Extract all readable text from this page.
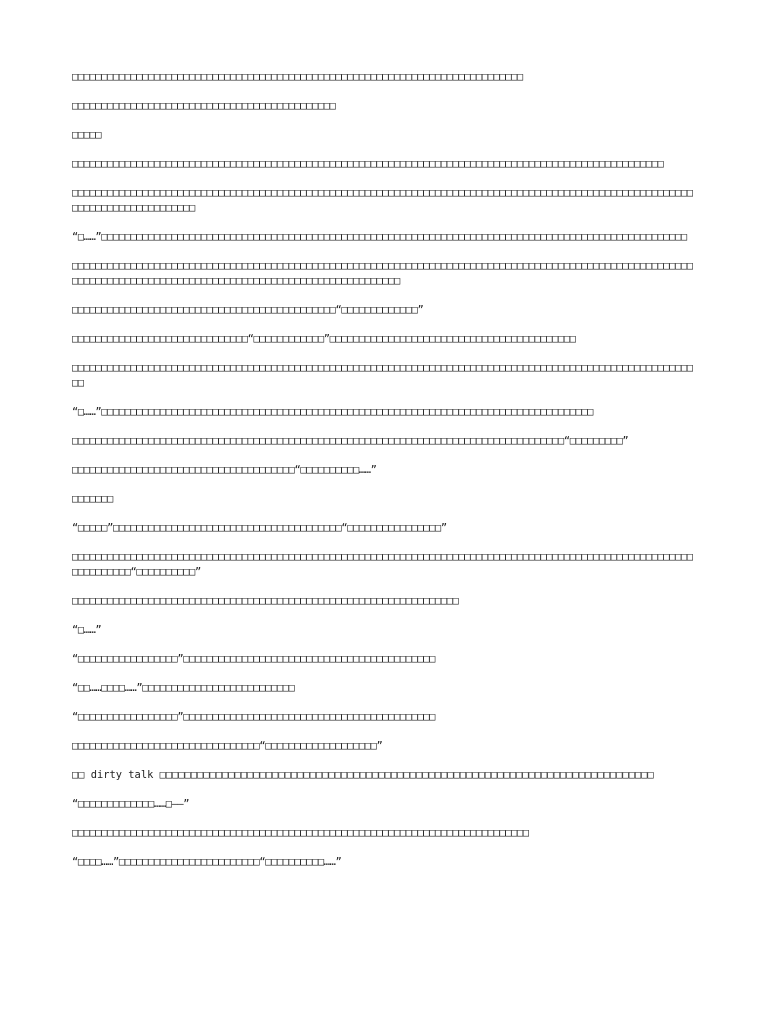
□□□□□□□□□□□□□□□□□□□□□□□□□□□□□□□□□□□□□□□□□□□□□□□□□□□□□□□□□□□□□□□□□□□□□□□□□□□□□

□□□□□□□□□□□□□□□□□□□□□□□□□□□□□□□□□□□□□□□□□□□□□

□□□□□

□□□□□□□□□□□□□□□□□□□□□□□□□□□□□□□□□□□□□□□□□□□□□□□□□□□□□□□□□□□□□□□□□□□□□□□□□□□□□□□□□□□□□□□□□□□□□□□□□□□□□

□□□□□□□□□□□□□□□□□□□□□□□□□□□□□□□□□□□□□□□□□□□□□□□□□□□□□□□□□□□□□□□□□□□□□□□□□□□□□□□□□□□□□□□□□□□□□□□□□□□□□□□□□□□□□□□□□□□□□□□□□□□□□□□

“□……”□□□□□□□□□□□□□□□□□□□□□□□□□□□□□□□□□□□□□□□□□□□□□□□□□□□□□□□□□□□□□□□□□□□□□□□□□□□□□□□□□□□□□□□□□□□□□□□□□□□□

□□□□□□□□□□□□□□□□□□□□□□□□□□□□□□□□□□□□□□□□□□□□□□□□□□□□□□□□□□□□□□□□□□□□□□□□□□□□□□□□□□□□□□□□□□□□□□□□□□□□□□□□□□□□□□□□□□□□□□□□□□□□□□□□□□□□□□□□□□□□□□□□□□□□□□□□□□□□□□□□□□

□□□□□□□□□□□□□□□□□□□□□□□□□□□□□□□□□□□□□□□□□□□□□“□□□□□□□□□□□□□”

□□□□□□□□□□□□□□□□□□□□□□□□□□□□□□“□□□□□□□□□□□□”□□□□□□□□□□□□□□□□□□□□□□□□□□□□□□□□□□□□□□□□□□

□□□□□□□□□□□□□□□□□□□□□□□□□□□□□□□□□□□□□□□□□□□□□□□□□□□□□□□□□□□□□□□□□□□□□□□□□□□□□□□□□□□□□□□□□□□□□□□□□□□□□□□□□□□□

“□……”□□□□□□□□□□□□□□□□□□□□□□□□□□□□□□□□□□□□□□□□□□□□□□□□□□□□□□□□□□□□□□□□□□□□□□□□□□□□□□□□□□□□

□□□□□□□□□□□□□□□□□□□□□□□□□□□□□□□□□□□□□□□□□□□□□□□□□□□□□□□□□□□□□□□□□□□□□□□□□□□□□□□□□□□□“□□□□□□□□□”

□□□□□□□□□□□□□□□□□□□□□□□□□□□□□□□□□□□□□□“□□□□□□□□□□……”

□□□□□□□

“□□□□□”□□□□□□□□□□□□□□□□□□□□□□□□□□□□□□□□□□□□□□□“□□□□□□□□□□□□□□□□”

□□□□□□□□□□□□□□□□□□□□□□□□□□□□□□□□□□□□□□□□□□□□□□□□□□□□□□□□□□□□□□□□□□□□□□□□□□□□□□□□□□□□□□□□□□□□□□□□□□□□□□□□□□□□□□□□□□□□“□□□□□□□□□□”

□□□□□□□□□□□□□□□□□□□□□□□□□□□□□□□□□□□□□□□□□□□□□□□□□□□□□□□□□□□□□□□□□□

“□……”

“□□□□□□□□□□□□□□□□□”□□□□□□□□□□□□□□□□□□□□□□□□□□□□□□□□□□□□□□□□□□□

“□□……□□□□……”□□□□□□□□□□□□□□□□□□□□□□□□□□

“□□□□□□□□□□□□□□□□□”□□□□□□□□□□□□□□□□□□□□□□□□□□□□□□□□□□□□□□□□□□□

□□□□□□□□□□□□□□□□□□□□□□□□□□□□□□□□“□□□□□□□□□□□□□□□□□□□”

□□ dirty talk □□□□□□□□□□□□□□□□□□□□□□□□□□□□□□□□□□□□□□□□□□□□□□□□□□□□□□□□□□□□□□□□□□□□□□□□□□□□□□□

“□□□□□□□□□□□□□……□——”

□□□□□□□□□□□□□□□□□□□□□□□□□□□□□□□□□□□□□□□□□□□□□□□□□□□□□□□□□□□□□□□□□□□□□□□□□□□□□□

“□□□□……”□□□□□□□□□□□□□□□□□□□□□□□□“□□□□□□□□□□……”
